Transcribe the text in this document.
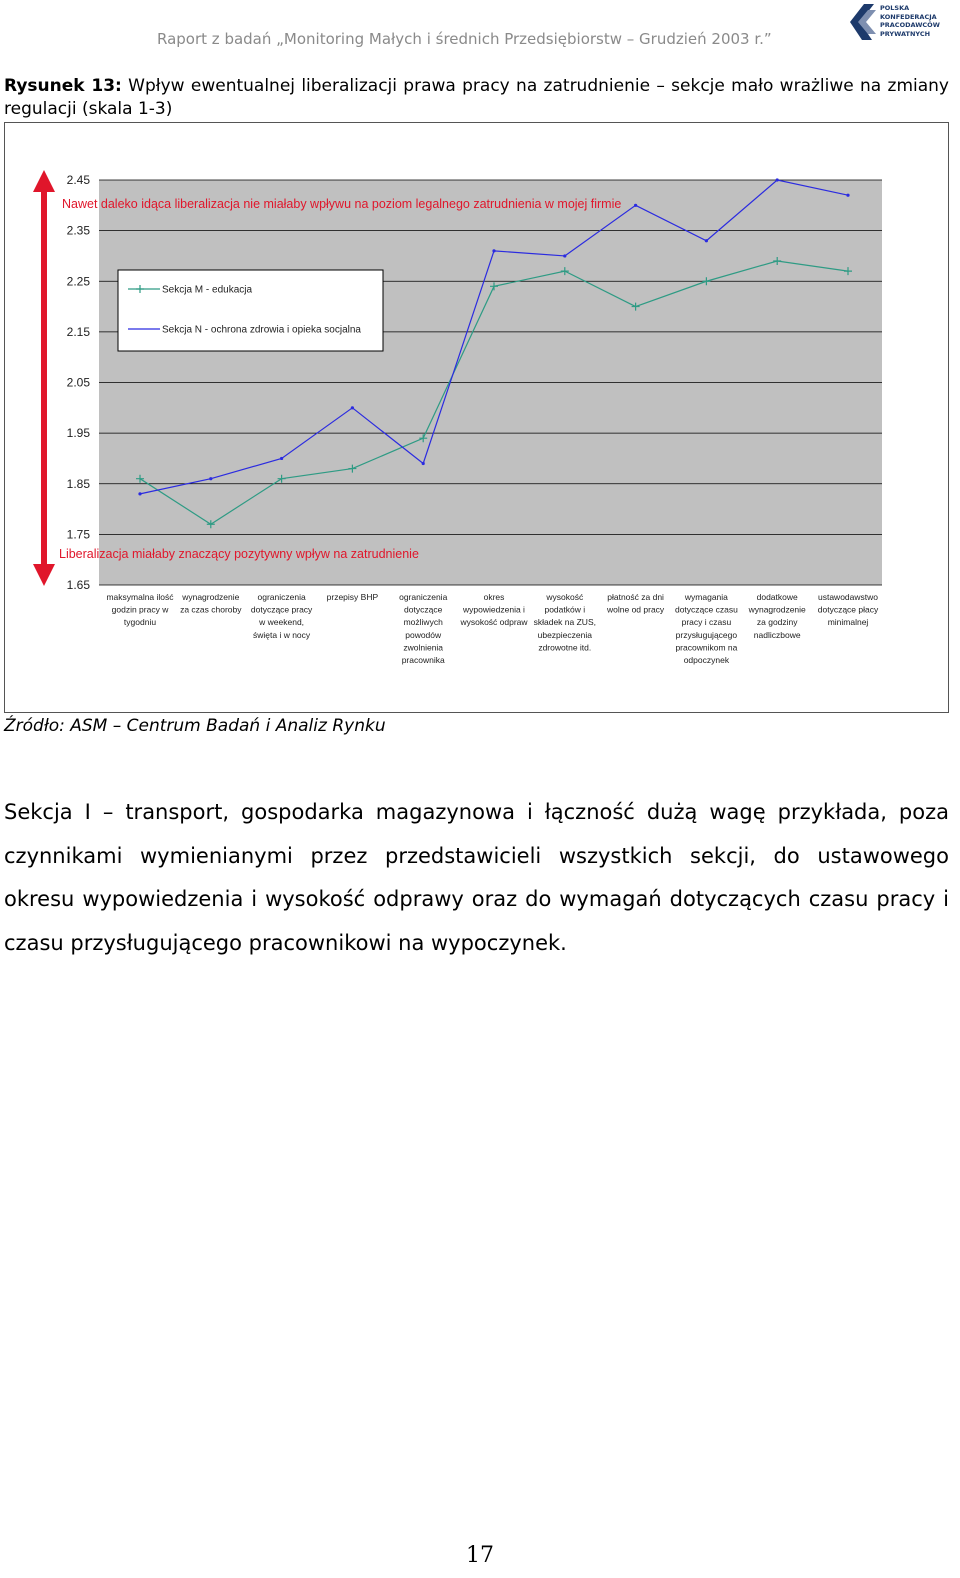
Raport z badań „Monitoring Małych i średnich Przedsiębiorstw – Grudzień 2003 r.”
POLSKA
KONFEDERACJA
PRACODAWCÓW
PRYWATNYCH
Rysunek 13: Wpływ ewentualnej liberalizacji prawa pracy na zatrudnienie – sekcje mało wrażliwe na zmiany regulacji (skala 1-3)
2.45
2.35
2.25
2.15
2.05
1.95
1.85
1.75
1.65
maksymalna ilość
godzin pracy w
tygodniu
wynagrodzenie
za czas choroby
ograniczenia
dotyczące pracy
w weekend,
święta i w nocy
przepisy BHP ograniczenia
dotyczące
możliwych
powodów
zwolnienia
pracownika
okres
wypowiedzenia i
wysokość odpraw
wysokość
podatków i
składek na ZUS,
ubezpieczenia
zdrowotne itd.
płatność za dni
wolne od pracy
wymagania
dotyczące czasu
pracy i czasu
przysługującego
pracownikom na
odpoczynek
dodatkowe
wynagrodzenie
za godziny
nadliczbowe
ustawodawstwo
dotyczące płacy
minimalnej
Sekcja M - edukacja
Sekcja N - ochrona zdrowia i opieka socjalna
Nawet daleko idąca liberalizacja nie miałaby wpływu na poziom legalnego zatrudnienia w mojej firmie
Liberalizacja miałaby znaczący pozytywny wpływ na zatrudnienie
Źródło: ASM – Centrum Badań i Analiz Rynku
Sekcja I – transport, gospodarka magazynowa i łączność dużą wagę przykłada, poza czynnikami wymienianymi przez przedstawicieli wszystkich sekcji, do ustawowego okresu wypowiedzenia i wysokość odprawy oraz do wymagań dotyczących czasu pracy i czasu przysługującego pracownikowi na wypoczynek.
17
